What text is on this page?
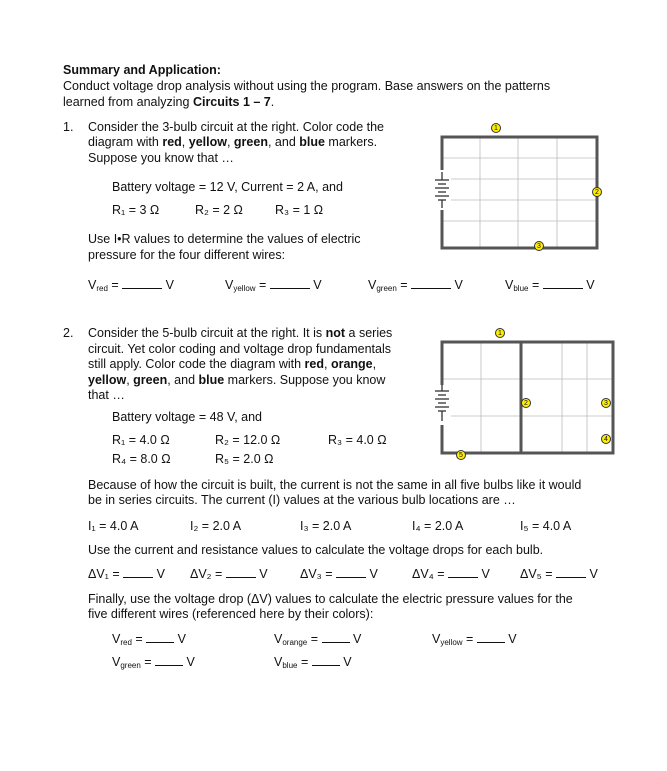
Summary and Application:
Conduct voltage drop analysis without using the program. Base answers on the patterns
learned from analyzing Circuits 1 – 7.
1. Consider the 3-bulb circuit at the right. Color code the
diagram with red, yellow, green, and blue markers.
Suppose you know that …
Battery voltage = 12 V, Current = 2 A, and
R₁ = 3 Ω	R₂ = 2 Ω	R₃ = 1 Ω
Use I•R values to determine the values of electric
pressure for the four different wires:
$V_{red}$ =	V	$V_{yellow}$ =	V	$V_{green}$ =	V	$V_{blue}$ =	V
1
2
3
2. Consider the 5-bulb circuit at the right. It is not a series
circuit. Yet color coding and voltage drop fundamentals
still apply. Color code the diagram with red, orange,
yellow, green, and blue markers. Suppose you know
that …
Battery voltage = 48 V, and
R₁ = 4.0 Ω	R₂ = 12.0 Ω	R₃ = 4.0 Ω
R₄ = 8.0 Ω	R₅ = 2.0 Ω
1
2	3
4
5
Because of how the circuit is built, the current is not the same in all five bulbs like it would
be in series circuits. The current (I) values at the various bulb locations are …
I₁ = 4.0 A	I₂ = 2.0 A	I₃ = 2.0 A	I₄ = 2.0 A	I₅ = 4.0 A
Use the current and resistance values to calculate the voltage drops for each bulb.
ΔV₁ =  V ΔV₂ =  V	ΔV₃ =  V	ΔV₄ =  V ΔV₅ =  V
Finally, use the voltage drop (ΔV) values to calculate the electric pressure values for the
five different wires (referenced here by their colors):
$V_{red} = V$	$V_{orange} = V$	$V_{yellow} = V$
$V_{green} = V$	$V_{blue} = V$
